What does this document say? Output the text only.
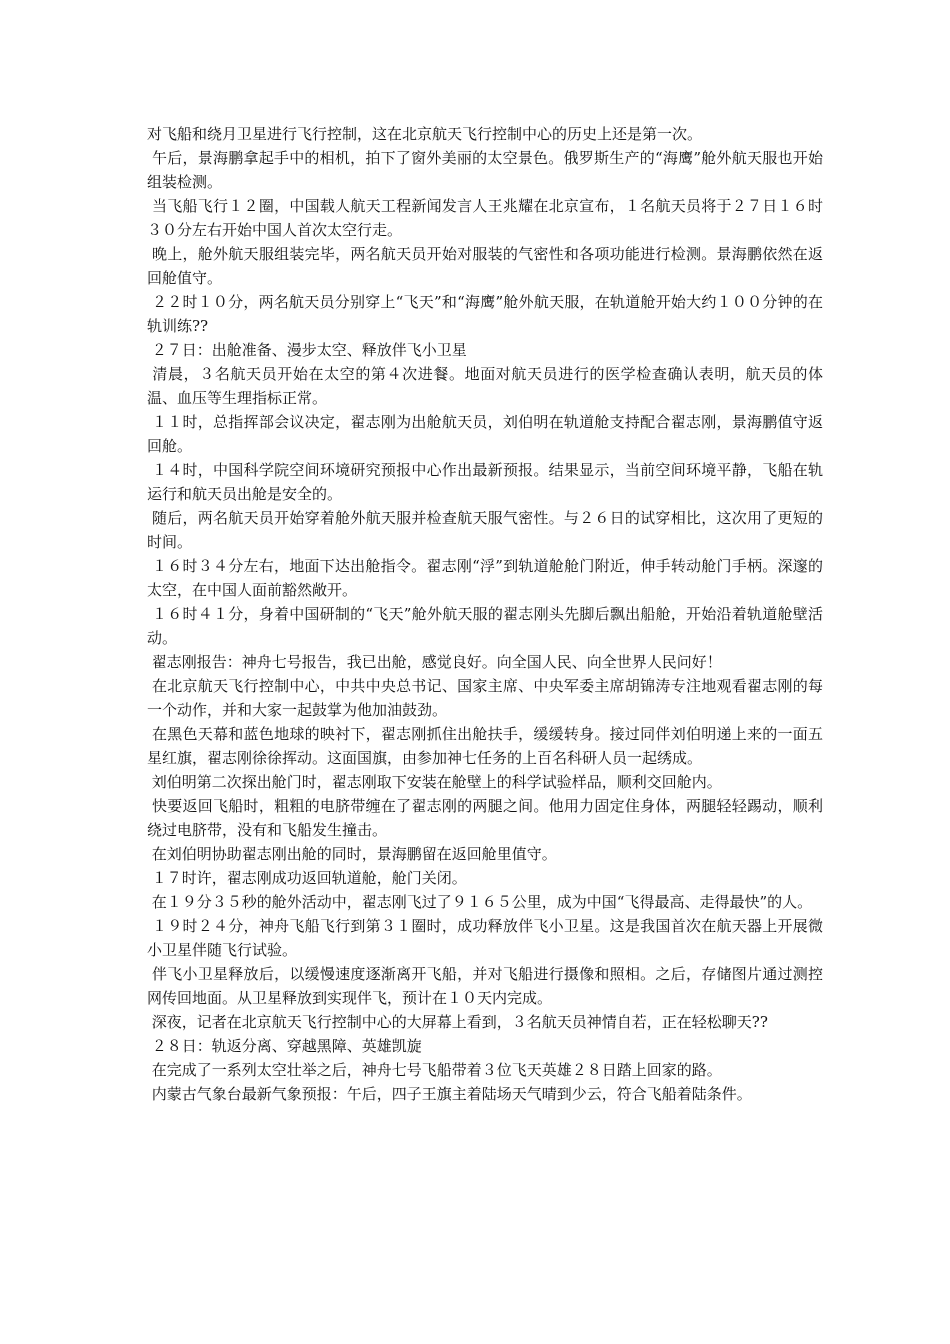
对飞船和绕月卫星进行飞行控制，这在北京航天飞行控制中心的历史上还是第一次。

午后，景海鹏拿起手中的相机，拍下了窗外美丽的太空景色。俄罗斯生产的“海鹰”舱外航天服也开始组装检测。

当飞船飞行１２圈，中国载人航天工程新闻发言人王兆耀在北京宣布，１名航天员将于２７日１６时３０分左右开始中国人首次太空行走。

晚上，舱外航天服组装完毕，两名航天员开始对服装的气密性和各项功能进行检测。景海鹏依然在返回舱值守。

２２时１０分，两名航天员分别穿上“飞天”和“海鹰”舱外航天服，在轨道舱开始大约１００分钟的在轨训练??

２７日：出舱准备、漫步太空、释放伴飞小卫星

清晨，３名航天员开始在太空的第４次进餐。地面对航天员进行的医学检查确认表明，航天员的体温、血压等生理指标正常。

１１时，总指挥部会议决定，翟志刚为出舱航天员，刘伯明在轨道舱支持配合翟志刚，景海鹏值守返回舱。

１４时，中国科学院空间环境研究预报中心作出最新预报。结果显示，当前空间环境平静，飞船在轨运行和航天员出舱是安全的。

随后，两名航天员开始穿着舱外航天服并检查航天服气密性。与２６日的试穿相比，这次用了更短的时间。

１６时３４分左右，地面下达出舱指令。翟志刚“浮”到轨道舱舱门附近，伸手转动舱门手柄。深邃的太空，在中国人面前豁然敞开。

１６时４１分，身着中国研制的“飞天”舱外航天服的翟志刚头先脚后飘出船舱，开始沿着轨道舱壁活动。

翟志刚报告：神舟七号报告，我已出舱，感觉良好。向全国人民、向全世界人民问好！

在北京航天飞行控制中心，中共中央总书记、国家主席、中央军委主席胡锦涛专注地观看翟志刚的每一个动作，并和大家一起鼓掌为他加油鼓劲。

在黑色天幕和蓝色地球的映衬下，翟志刚抓住出舱扶手，缓缓转身。接过同伴刘伯明递上来的一面五星红旗，翟志刚徐徐挥动。这面国旗，由参加神七任务的上百名科研人员一起绣成。

刘伯明第二次探出舱门时，翟志刚取下安装在舱壁上的科学试验样品，顺利交回舱内。

快要返回飞船时，粗粗的电脐带缠在了翟志刚的两腿之间。他用力固定住身体，两腿轻轻踢动，顺利绕过电脐带，没有和飞船发生撞击。

在刘伯明协助翟志刚出舱的同时，景海鹏留在返回舱里值守。

１７时许，翟志刚成功返回轨道舱，舱门关闭。

在１９分３５秒的舱外活动中，翟志刚飞过了９１６５公里，成为中国“飞得最高、走得最快”的人。

１９时２４分，神舟飞船飞行到第３１圈时，成功释放伴飞小卫星。这是我国首次在航天器上开展微小卫星伴随飞行试验。

伴飞小卫星释放后，以缓慢速度逐渐离开飞船，并对飞船进行摄像和照相。之后，存储图片通过测控网传回地面。从卫星释放到实现伴飞，预计在１０天内完成。

深夜，记者在北京航天飞行控制中心的大屏幕上看到，３名航天员神情自若，正在轻松聊天??

２８日：轨返分离、穿越黑障、英雄凯旋

在完成了一系列太空壮举之后，神舟七号飞船带着３位飞天英雄２８日踏上回家的路。

内蒙古气象台最新气象预报：午后，四子王旗主着陆场天气晴到少云，符合飞船着陆条件。
